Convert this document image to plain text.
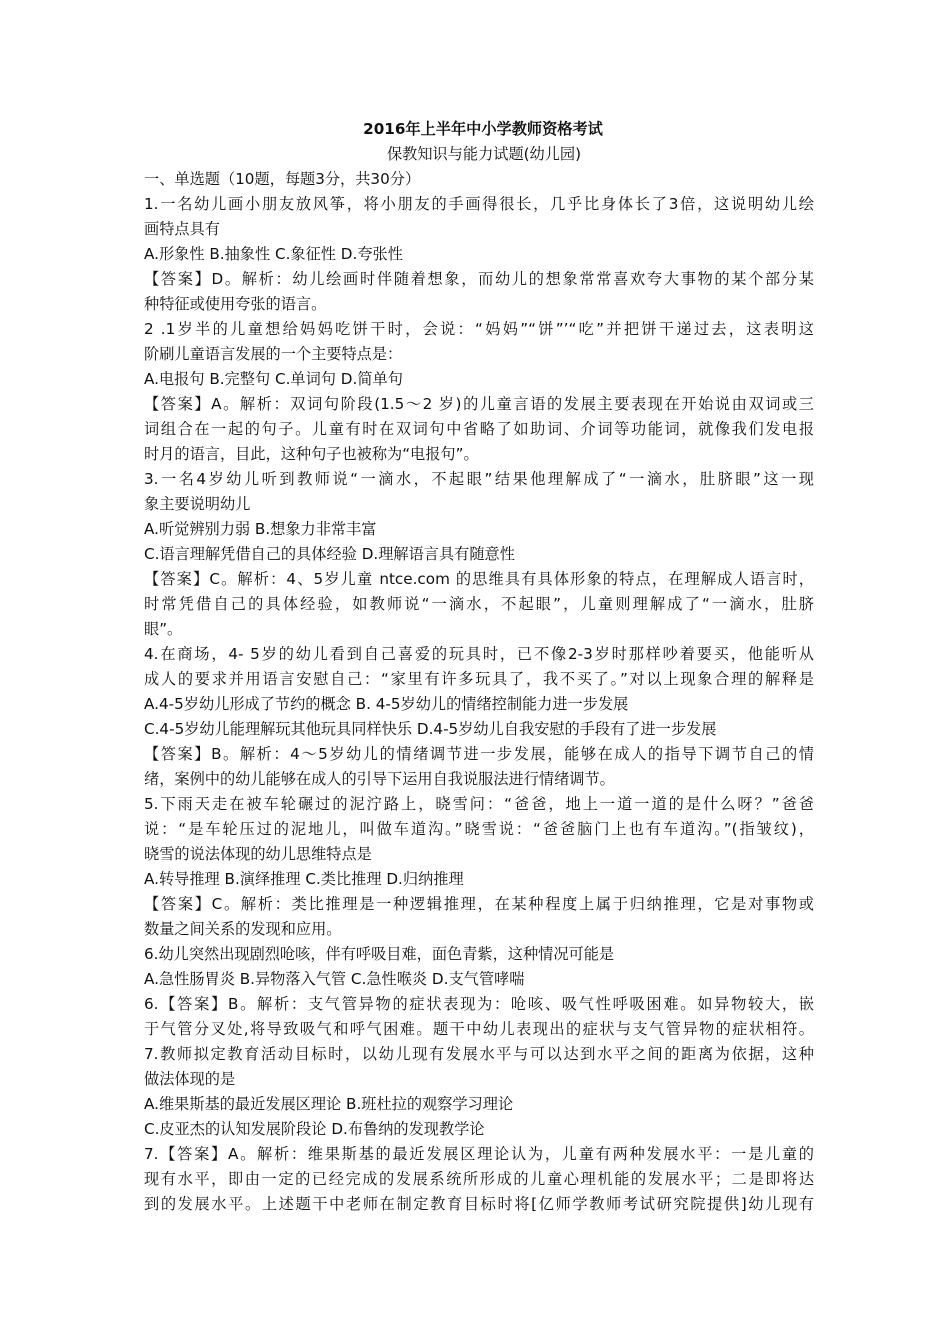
2016年上半年中小学教师资格考试
保教知识与能力试题(幼儿园)
一、单选题（10题，每题3分，共30分）
1.一名幼儿画小朋友放风筝，将小朋友的手画得很长，几乎比身体长了3倍，这说明幼儿绘
画特点具有
A.形象性 B.抽象性 C.象征性 D.夸张性
【答案】D。解析：幼儿绘画时伴随着想象，而幼儿的想象常常喜欢夸大事物的某个部分某
种特征或使用夸张的语言。
2 .1岁半的儿童想给妈妈吃饼干时，会说：“妈妈”“饼”’“吃”并把饼干递过去，这表明这
阶刷儿童语言发展的一个主要特点是：
A.电报句 B.完整句 C.单词句 D.简单句
【答案】A。解析：双词句阶段(1.5～2 岁)的儿童言语的发展主要表现在开始说由双词或三
词组合在一起的句子。儿童有时在双词句中省略了如助词、介词等功能词，就像我们发电报
时月的语言，目此，这种句子也被称为“电报句”。
3.一名4岁幼儿听到教师说“一滴水，不起眼”结果他理解成了“一滴水，肚脐眼”这一现
象主要说明幼儿
A.听觉辨别力弱 B.想象力非常丰富
C.语言理解凭借自己的具体经验 D.理解语言具有随意性
【答案】C。解析：4、5岁儿童 ntce.com 的思维具有具体形象的特点，在理解成人语言时，
时常凭借自己的具体经验，如教师说“一滴水，不起眼”，儿童则理解成了“一滴水，肚脐
眼”。
4.在商场，4- 5岁的幼儿看到自己喜爱的玩具时，已不像2-3岁时那样吵着要买，他能听从
成人的要求并用语言安慰自己：“家里有许多玩具了，我不买了。”对以上现象合理的解释是
A.4-5岁幼儿形成了节约的概念 B. 4-5岁幼儿的情绪控制能力进一步发展
C.4-5岁幼儿能理解玩其他玩具同样快乐 D.4-5岁幼儿自我安慰的手段有了进一步发展
【答案】B。解析：4～5岁幼儿的情绪调节进一步发展，能够在成人的指导下调节自己的情
绪，案例中的幼儿能够在成人的引导下运用自我说服法进行情绪调节。
5.下雨天走在被车轮碾过的泥泞路上，晓雪问：“爸爸，地上一道一道的是什么呀？”爸爸
说：“是车轮压过的泥地儿，叫做车道沟。”晓雪说：“爸爸脑门上也有车道沟。”(指皱纹)，
晓雪的说法体现的幼儿思维特点是
A.转导推理 B.演绎推理 C.类比推理 D.归纳推理
【答案】C。解析：类比推理是一种逻辑推理，在某种程度上属于归纳推理，它是对事物或
数量之间关系的发现和应用。
6.幼儿突然出现剧烈呛咳，伴有呼吸目难，面色青紫，这种情况可能是
A.急性肠胃炎 B.异物落入气管 C.急性喉炎 D.支气管哮喘
6.【答案】B。解析：支气管异物的症状表现为：呛咳、吸气性呼吸困难。如异物较大，嵌
于气管分叉处,将导致吸气和呼气困难。题干中幼儿表现出的症状与支气管异物的症状相符。
7.教师拟定教育活动目标时，以幼儿现有发展水平与可以达到水平之间的距离为依据，这种
做法体现的是
A.维果斯基的最近发展区理论 B.班杜拉的观察学习理论
C.皮亚杰的认知发展阶段论 D.布鲁纳的发现教学论
7.【答案】A。解析：维果斯基的最近发展区理论认为，儿童有两种发展水平：一是儿童的
现有水平，即由一定的已经完成的发展系统所形成的儿童心理机能的发展水平；二是即将达
到的发展水平。上述题干中老师在制定教育目标时将[亿师学教师考试研究院提供]幼儿现有
